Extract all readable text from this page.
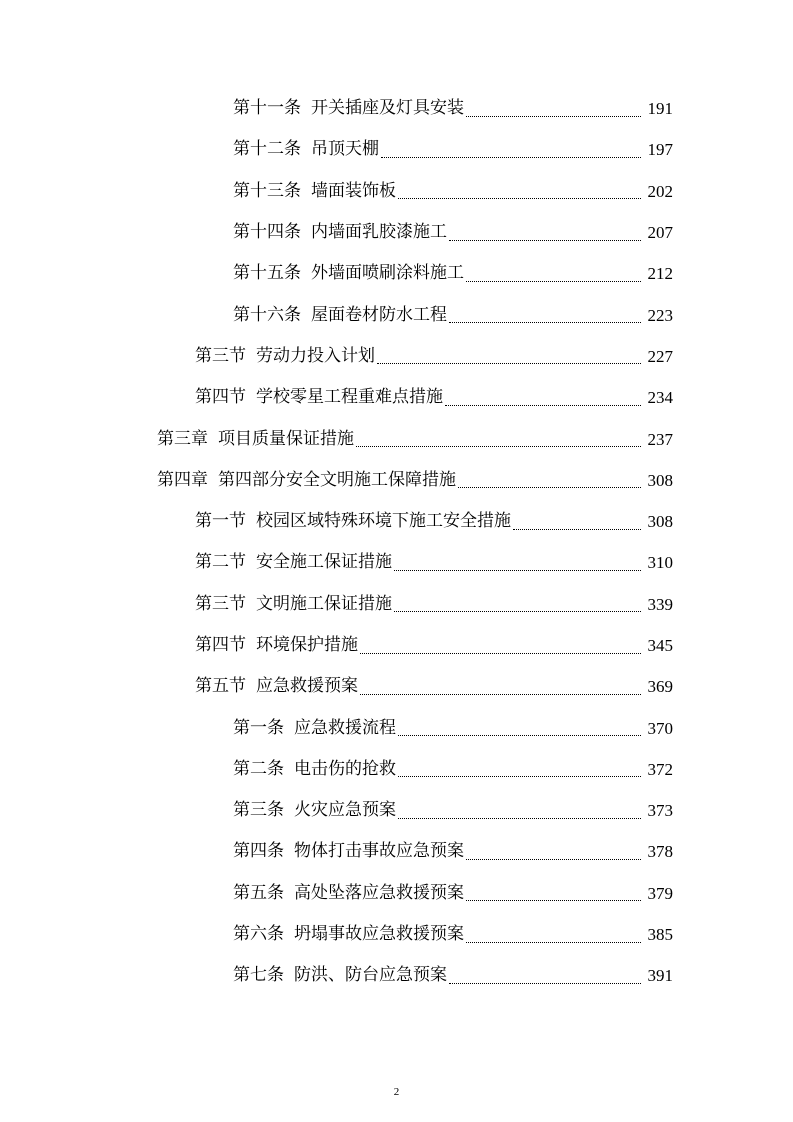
第十一条 开关插座及灯具安装	191
第十二条 吊顶天棚	197
第十三条 墙面装饰板	202
第十四条 内墙面乳胶漆施工	207
第十五条 外墙面喷刷涂料施工	212
第十六条 屋面卷材防水工程	223
第三节 劳动力投入计划	227
第四节 学校零星工程重难点措施	234
第三章 项目质量保证措施	237
第四章 第四部分安全文明施工保障措施	308
第一节 校园区域特殊环境下施工安全措施	308
第二节 安全施工保证措施	310
第三节 文明施工保证措施	339
第四节 环境保护措施	345
第五节 应急救援预案	369
第一条 应急救援流程	370
第二条 电击伤的抢救	372
第三条 火灾应急预案	373
第四条 物体打击事故应急预案	378
第五条 高处坠落应急救援预案	379
第六条 坍塌事故应急救援预案	385
第七条 防洪、防台应急预案	391
2
